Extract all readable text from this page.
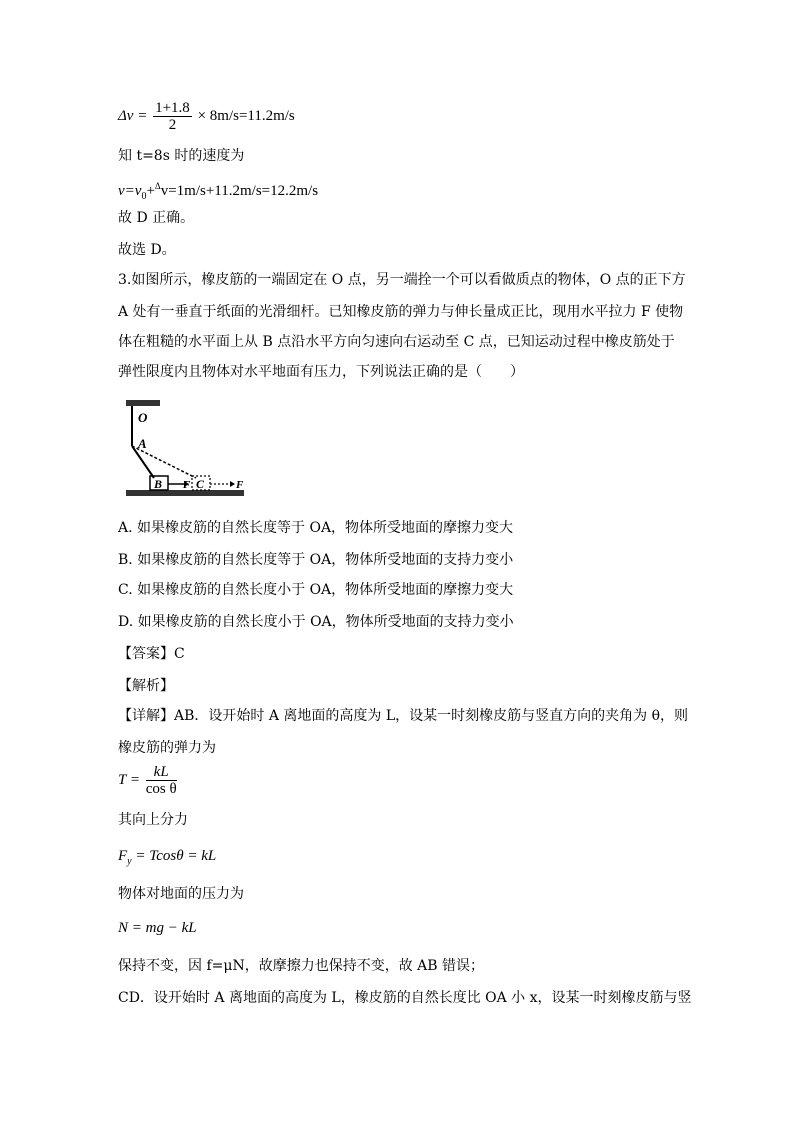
$\Delta v = \frac{1+1.8}{2} \times 8m/s=11.2m/s$
知 t=8s 时的速度为
$v=v_0+^\Delta v=1m/s+11.2m/s=12.2m/s$
故 D 正确。
故选 D。
3.如图所示，橡皮筋的一端固定在 O 点，另一端拴一个可以看做质点的物体，O 点的正下方
A 处有一垂直于纸面的光滑细杆。已知橡皮筋的弹力与伸长量成正比，现用水平拉力 F 使物
体在粗糙的水平面上从 B 点沿水平方向匀速向右运动至 C 点，已知运动过程中橡皮筋处于
弹性限度内且物体对水平地面有压力，下列说法正确的是（　　）
O
A
B F C	F
A. 如果橡皮筋的自然长度等于 OA，物体所受地面的摩擦力变大
B. 如果橡皮筋的自然长度等于 OA，物体所受地面的支持力变小
C. 如果橡皮筋的自然长度小于 OA，物体所受地面的摩擦力变大
D. 如果橡皮筋的自然长度小于 OA，物体所受地面的支持力变小
【答案】C
【解析】
【详解】AB．设开始时 A 离地面的高度为 L，设某一时刻橡皮筋与竖直方向的夹角为 θ，则
橡皮筋的弹力为
$T = \frac{kL}{\text{cos θ}}$
其向上分力
$F_y = Tcos\theta$ = kL
物体对地面的压力为
N = mg − kL
保持不变，因 f=μN，故摩擦力也保持不变，故 AB 错误；
CD．设开始时 A 离地面的高度为 L，橡皮筋的自然长度比 OA 小 x，设某一时刻橡皮筋与竖
